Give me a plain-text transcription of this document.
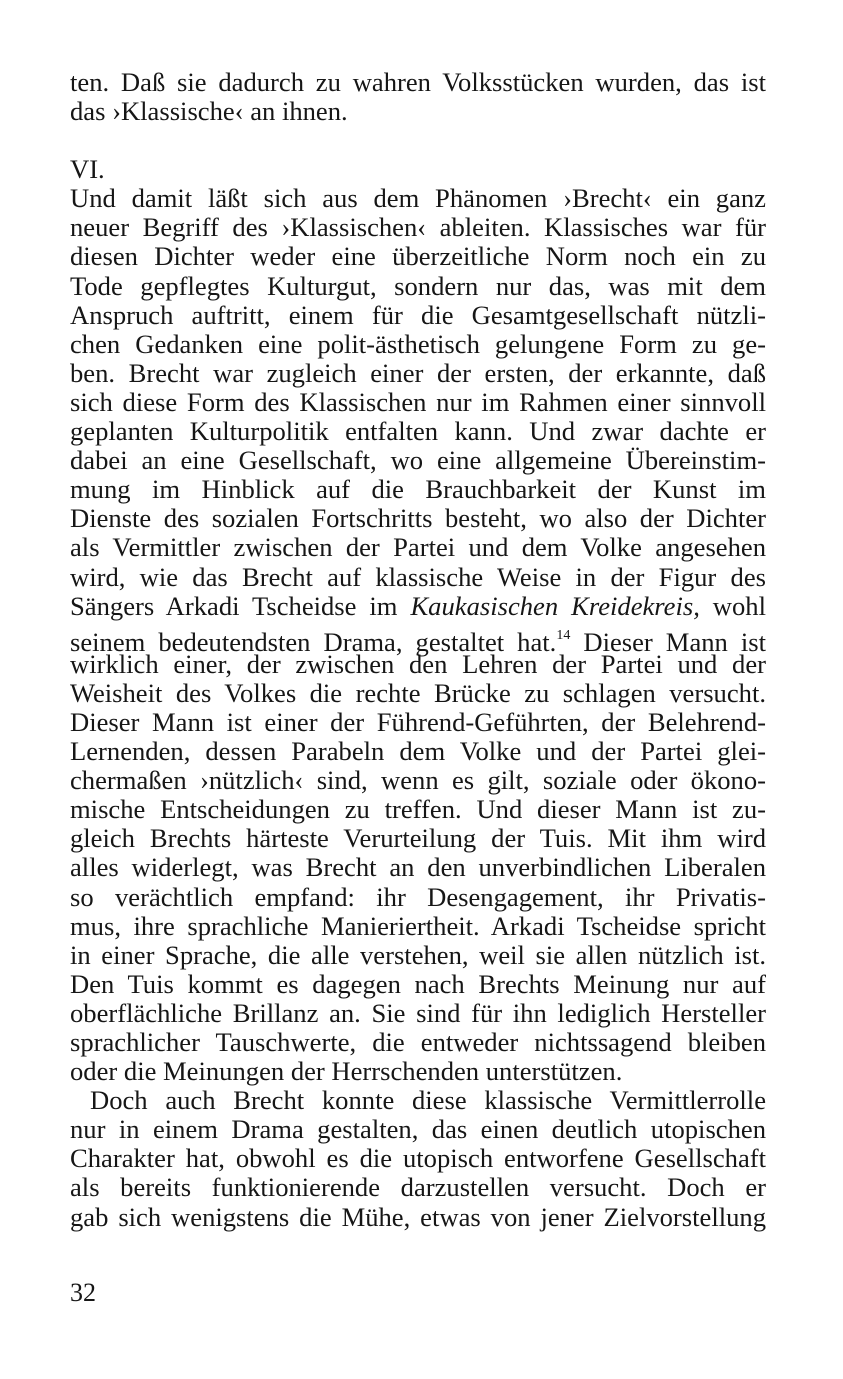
ten. Daß sie dadurch zu wahren Volksstücken wurden, das ist
das ›Klassische‹ an ihnen.
VI.
Und damit läßt sich aus dem Phänomen ›Brecht‹ ein ganz
neuer Begriff des ›Klassischen‹ ableiten. Klassisches war für
diesen Dichter weder eine überzeitliche Norm noch ein zu
Tode gepflegtes Kulturgut, sondern nur das, was mit dem
Anspruch auftritt, einem für die Gesamtgesellschaft nützli-
chen Gedanken eine polit-ästhetisch gelungene Form zu ge-
ben. Brecht war zugleich einer der ersten, der erkannte, daß
sich diese Form des Klassischen nur im Rahmen einer sinnvoll
geplanten Kulturpolitik entfalten kann. Und zwar dachte er
dabei an eine Gesellschaft, wo eine allgemeine Übereinstim-
mung im Hinblick auf die Brauchbarkeit der Kunst im
Dienste des sozialen Fortschritts besteht, wo also der Dichter
als Vermittler zwischen der Partei und dem Volke angesehen
wird, wie das Brecht auf klassische Weise in der Figur des
Sängers Arkadi Tscheidse im Kaukasischen Kreidekreis, wohl
seinem bedeutendsten Drama, gestaltet hat.$^{14}$ Dieser Mann ist
wirklich einer, der zwischen den Lehren der Partei und der
Weisheit des Volkes die rechte Brücke zu schlagen versucht.
Dieser Mann ist einer der Führend-Geführten, der Belehrend-
Lernenden, dessen Parabeln dem Volke und der Partei glei-
chermaßen ›nützlich‹ sind, wenn es gilt, soziale oder ökono-
mische Entscheidungen zu treffen. Und dieser Mann ist zu-
gleich Brechts härteste Verurteilung der Tuis. Mit ihm wird
alles widerlegt, was Brecht an den unverbindlichen Liberalen
so verächtlich empfand: ihr Desengagement, ihr Privatis-
mus, ihre sprachliche Manieriertheit. Arkadi Tscheidse spricht
in einer Sprache, die alle verstehen, weil sie allen nützlich ist.
Den Tuis kommt es dagegen nach Brechts Meinung nur auf
oberflächliche Brillanz an. Sie sind für ihn lediglich Hersteller
sprachlicher Tauschwerte, die entweder nichtssagend bleiben
oder die Meinungen der Herrschenden unterstützen.
Doch auch Brecht konnte diese klassische Vermittlerrolle
nur in einem Drama gestalten, das einen deutlich utopischen
Charakter hat, obwohl es die utopisch entworfene Gesellschaft
als bereits funktionierende darzustellen versucht. Doch er
gab sich wenigstens die Mühe, etwas von jener Zielvorstellung
32
